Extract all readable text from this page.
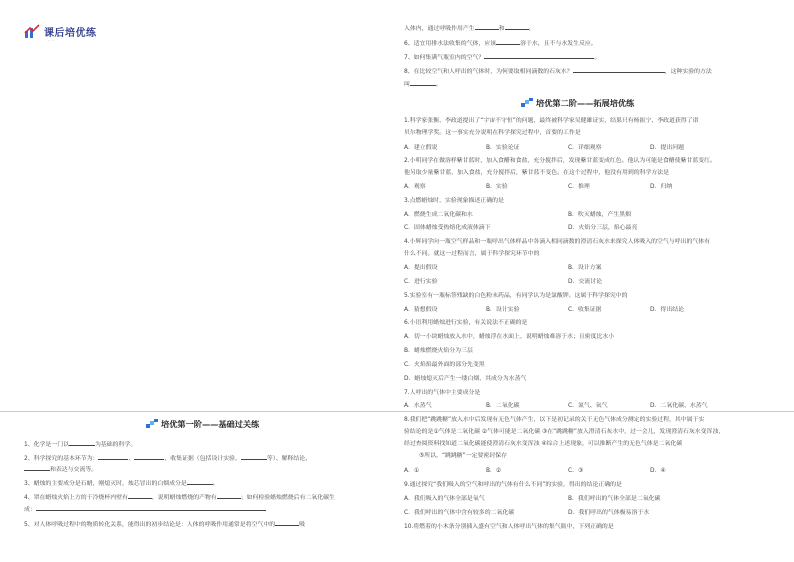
课后培优练
· · ·
培优第一阶——基础过关练
1、化学是一门以	为基础的科学。
2、科学探究的基本环节为：	、	、收集证据（包括设计实验、	等）、解释结论、
和表达与交流等。
3、蜡烛的主要成分是石蜡，刚熄灭时，烛芯冒出的白烟成分是	。
4、罩在蜡烛火焰上方的干冷烧杯内壁有	，说明蜡烛燃烧的产物有	；如何检验蜡烛燃烧后有二氧化碳生
成：
5、对人体呼吸过程中的物质转化关系，能得出的初步结论是：人体的呼吸作用通常是将空气中的	吸
入体内，通过呼吸作用产生	和	。
6、适宜用排水法收集的气体，应该	溶于水，且不与水发生反应。
7、如何集满气瓶室内的空气？	。
8、在比较空气和人呼出的气体时，为何要取相同滴数的石灰水？	，这种实验的方法
叫	。
培优第二阶——拓展培优练
1.科学家张衡、李政道提出了“宇宙不守恒”的问题，最终被科学家吴健雄证实，结果只有杨振宁、李政道获得了诺
贝尔物理学奖。这一事实充分说明在科学探究过程中，首要的工作是
A．建立假说	B．实验论证	C．详细观察	D．提出问题
2.小明同学在做溶样紫甘蓝时，加入食醋和食盐，充分搅拌后，发现紫甘蓝变成红色。他认为可能是食醋使紫甘蓝变红。
他另取少量紫甘蓝，加入食盐，充分搅拌后，紫甘蓝不变色。在这个过程中，他没有用到的科学方法是
A．观察	B．实验	C．推理	D．归纳
3.点燃蜡烛时，实验现象描述正确的是
A．燃烧生成二氧化碳和水	B．吹灭蜡烛，产生黑烟
C．固体蜡烛受热熔化成液体滴下	D．火焰分三层，焰心最亮
4.小辉同学向一瓶空气样品和一瓶呼出气体样品中各滴入相同滴数的澄清石灰水来探究人体吸入的空气与呼出的气体有
什么不同。就这一过程而言，属于科学探究环节中的
A．提出假设	B．设计方案
C．进行实验	D．交流讨论
5.实验室有一瓶标签残缺的白色粉末药品，有同学认为是氯酸钾。这属于科学探究中的
A．猜想假设	B．设计实验	C．收集证据	D．得出结论
6.小语利用蜡烛进行实验，有关说法不正确的是
A．切一小块蜡烛放入水中，蜡烛浮在水面上，说明蜡烛难溶于水；且密度比水小
B．蜡烛燃烧火焰分为三层
C．火焰焰最外面的部分先变黑
D．蜡烛熄灭后产生一缕白烟，其成分为水蒸气
7.人呼出的气体中主要成分是
A．水蒸气	B．二氧化碳	C．氮气、氧气	D．二氧化碳、水蒸气
8.我们把“跳跳糖”放入水中后发现有无色气体产生，以下是初记录的关于无色气体成分测定的实验过程，其中属于实
验结论的是①气体是二氧化碳 ②气体可能是二氧化碳 ③在“跳跳糖”放入澄清石灰水中，过一会儿，发现澄清石灰水变浑浊，
经过查阅资料找知道二氧化碳能使澄清石灰水变浑浊 ④综合上述现象，可以推断产生的无色气体是二氧化碳
⑤所以，“跳跳糖”一定要密封保存
A．①	B．②	C．③	D．④
9.通过探究“我们吸入的空气和呼出的气体有什么不同”的实验，得出的结论正确的是
A．我们吸入的气体全部是氧气	B．我们呼出的气体全部是二氧化碳
C．我们呼出的气体中含有较多的二氧化碳	D．我们呼出的气体极易溶于水
10.将燃着的小木条分别插入盛有空气和人体呼出气体的集气瓶中，下列正确的是
